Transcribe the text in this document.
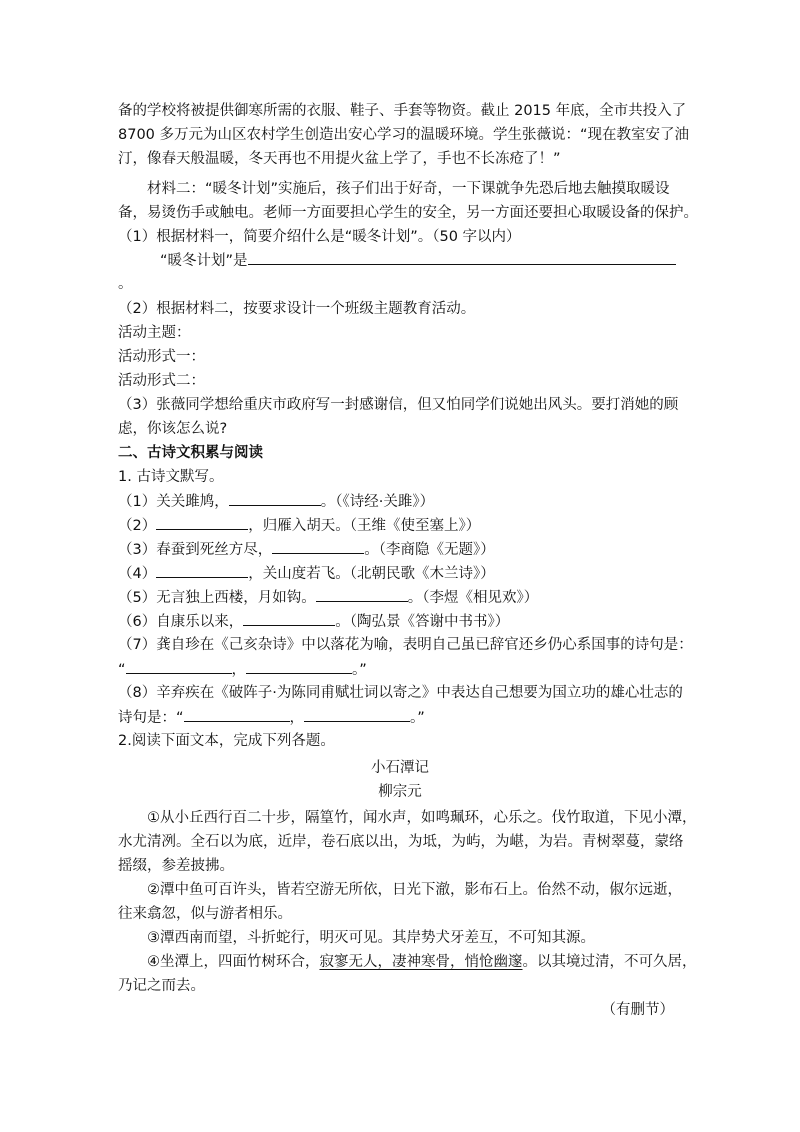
备的学校将被提供御寒所需的衣服、鞋子、手套等物资。截止 2015 年底，全市共投入了
8700 多万元为山区农村学生创造出安心学习的温暖环境。学生张薇说：“现在教室安了油
汀，像春天般温暖，冬天再也不用提火盆上学了，手也不长冻疮了！”
材料二：“暖冬计划”实施后，孩子们出于好奇，一下课就争先恐后地去触摸取暖设
备，易烫伤手或触电。老师一方面要担心学生的安全，另一方面还要担心取暖设备的保护。
（1）根据材料一，简要介绍什么是“暖冬计划”。（50 字以内）
“暖冬计划”是
。
（2）根据材料二，按要求设计一个班级主题教育活动。
活动主题：
活动形式一：
活动形式二：
（3）张薇同学想给重庆市政府写一封感谢信，但又怕同学们说她出风头。要打消她的顾
虑，你该怎么说?
二、古诗文积累与阅读
1. 古诗文默写。
（1）关关雎鸠，	。（《诗经·关雎》）
（2）	，归雁入胡天。（王维《使至塞上》）
（3）春蚕到死丝方尽，	。（李商隐《无题》）
（4）	，关山度若飞。（北朝民歌《木兰诗》）
（5）无言独上西楼，月如钩。	。（李煜《相见欢》）
（6）自康乐以来，	。（陶弘景《答谢中书书》）
（7）龚自珍在《己亥杂诗》中以落花为喻，表明自己虽已辞官还乡仍心系国事的诗句是：
“	，	。”
（8）辛弃疾在《破阵子·为陈同甫赋壮词以寄之》中表达自己想要为国立功的雄心壮志的
诗句是：“	，	。”
2.阅读下面文本，完成下列各题。
小石潭记
柳宗元
①从小丘西行百二十步，隔篁竹，闻水声，如鸣珮环，心乐之。伐竹取道，下见小潭，
水尤清冽。全石以为底，近岸，卷石底以出，为坻，为屿，为嵁，为岩。青树翠蔓，蒙络
摇缀，参差披拂。
②潭中鱼可百许头，皆若空游无所依，日光下澈，影布石上。佁然不动，俶尔远逝，
往来翕忽，似与游者相乐。
③潭西南而望，斗折蛇行，明灭可见。其岸势犬牙差互，不可知其源。
④坐潭上，四面竹树环合，寂寥无人，凄神寒骨，悄怆幽邃。以其境过清，不可久居，
乃记之而去。
（有删节）
